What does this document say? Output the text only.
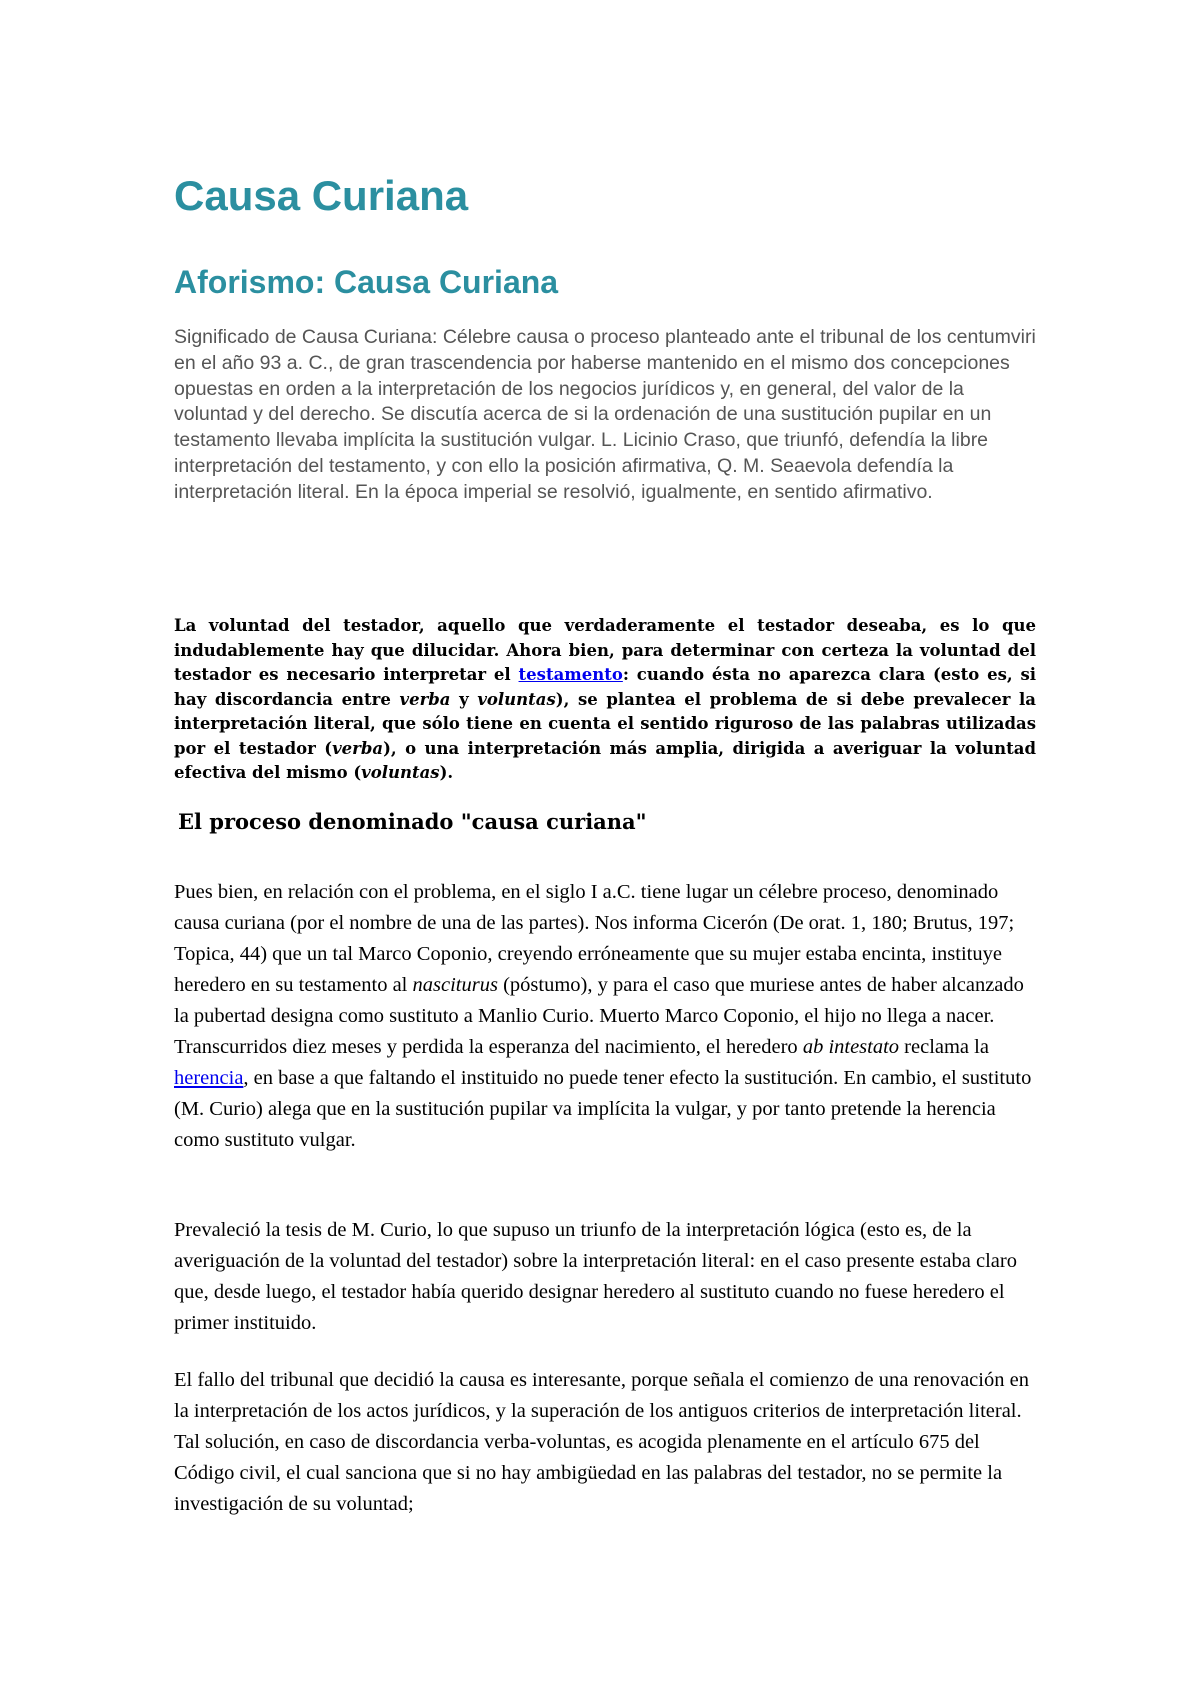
Causa Curiana
Aforismo: Causa Curiana

Significado de Causa Curiana: Célebre causa o proceso planteado ante el tribunal de los centumviri en el año 93 a. C., de gran trascendencia por haberse mantenido en el mismo dos concepciones opuestas en orden a la interpretación de los negocios jurídicos y, en general, del valor de la voluntad y del derecho. Se discutía acerca de si la ordenación de una sustitución pupilar en un testamento llevaba implícita la sustitución vulgar. L. Licinio Craso, que triunfó, defendía la libre interpretación del testamento, y con ello la posición afirmativa, Q. M. Seaevola defendía la interpretación literal. En la época imperial se resolvió, igualmente, en sentido afirmativo.

La voluntad del testador, aquello que verdaderamente el testador deseaba, es lo que indudablemente hay que dilucidar. Ahora bien, para determinar con certeza la voluntad del testador es necesario interpretar el testamento: cuando ésta no aparezca clara (esto es, si hay discordancia entre verba y voluntas), se plantea el problema de si debe prevalecer la interpretación literal, que sólo tiene en cuenta el sentido riguroso de las palabras utilizadas por el testador (verba), o una interpretación más amplia, dirigida a averiguar la voluntad efectiva del mismo (voluntas).

El proceso denominado "causa curiana"

Pues bien, en relación con el problema, en el siglo I a.C. tiene lugar un célebre proceso, denominado causa curiana (por el nombre de una de las partes). Nos informa Cicerón (De orat. 1, 180; Brutus, 197; Topica, 44) que un tal Marco Coponio, creyendo erróneamente que su mujer estaba encinta, instituye heredero en su testamento al nasciturus (póstumo), y para el caso que muriese antes de haber alcanzado la pubertad designa como sustituto a Manlio Curio. Muerto Marco Coponio, el hijo no llega a nacer. Transcurridos diez meses y perdida la esperanza del nacimiento, el heredero ab intestato reclama la herencia, en base a que faltando el instituido no puede tener efecto la sustitución. En cambio, el sustituto (M. Curio) alega que en la sustitución pupilar va implícita la vulgar, y por tanto pretende la herencia como sustituto vulgar.

Prevaleció la tesis de M. Curio, lo que supuso un triunfo de la interpretación lógica (esto es, de la averiguación de la voluntad del testador) sobre la interpretación literal: en el caso presente estaba claro que, desde luego, el testador había querido designar heredero al sustituto cuando no fuese heredero el primer instituido.

El fallo del tribunal que decidió la causa es interesante, porque señala el comienzo de una renovación en la interpretación de los actos jurídicos, y la superación de los antiguos criterios de interpretación literal. Tal solución, en caso de discordancia verba-voluntas, es acogida plenamente en el artículo 675 del Código civil, el cual sanciona que si no hay ambigüedad en las palabras del testador, no se permite la investigación de su voluntad;
